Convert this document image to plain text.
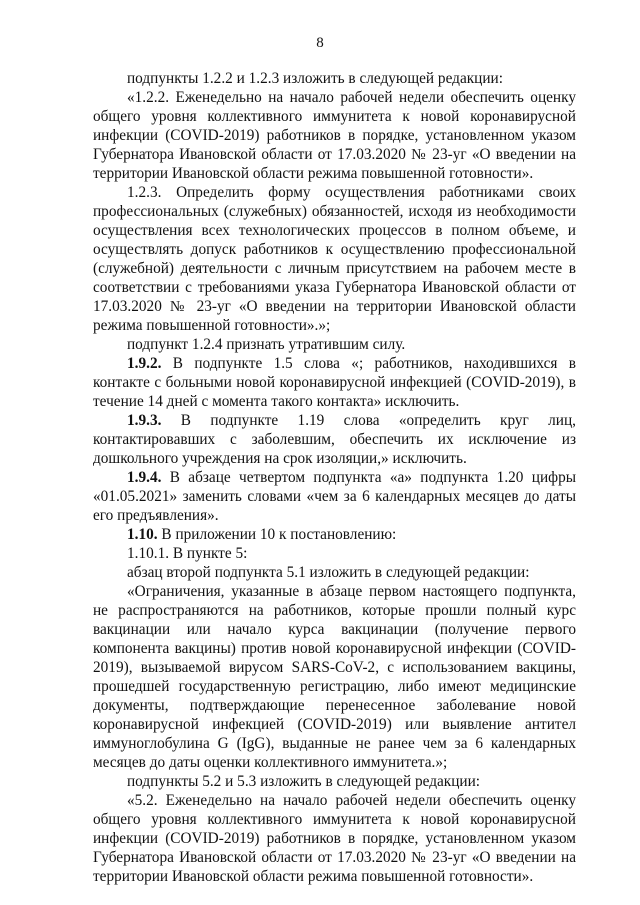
8

подпункты 1.2.2 и 1.2.3 изложить в следующей редакции:

«1.2.2. Еженедельно на начало рабочей недели обеспечить оценку общего уровня коллективного иммунитета к новой коронавирусной инфекции (COVID-2019) работников в порядке, установленном указом Губернатора Ивановской области от 17.03.2020 № 23-уг «О введении на территории Ивановской области режима повышенной готовности».

1.2.3. Определить форму осуществления работниками своих профессиональных (служебных) обязанностей, исходя из необходимости осуществления всех технологических процессов в полном объеме, и осуществлять допуск работников к осуществлению профессиональной (служебной) деятельности с личным присутствием на рабочем месте в соответствии с требованиями указа Губернатора Ивановской области от 17.03.2020 № 23-уг «О введении на территории Ивановской области режима повышенной готовности».»;

подпункт 1.2.4 признать утратившим силу.

1.9.2. В подпункте 1.5 слова «; работников, находившихся в контакте с больными новой коронавирусной инфекцией (COVID-2019), в течение 14 дней с момента такого контакта» исключить.

1.9.3. В подпункте 1.19 слова «определить круг лиц, контактировавших с заболевшим, обеспечить их исключение из дошкольного учреждения на срок изоляции,» исключить.

1.9.4. В абзаце четвертом подпункта «а» подпункта 1.20 цифры «01.05.2021» заменить словами «чем за 6 календарных месяцев до даты его предъявления».

1.10. В приложении 10 к постановлению:

1.10.1. В пункте 5:

абзац второй подпункта 5.1 изложить в следующей редакции:

«Ограничения, указанные в абзаце первом настоящего подпункта, не распространяются на работников, которые прошли полный курс вакцинации или начало курса вакцинации (получение первого компонента вакцины) против новой коронавирусной инфекции (COVID-2019), вызываемой вирусом SARS-CoV-2, с использованием вакцины, прошедшей государственную регистрацию, либо имеют медицинские документы, подтверждающие перенесенное заболевание новой коронавирусной инфекцией (COVID-2019) или выявление антител иммуноглобулина G (IgG), выданные не ранее чем за 6 календарных месяцев до даты оценки коллективного иммунитета.»;

подпункты 5.2 и 5.3 изложить в следующей редакции:

«5.2. Еженедельно на начало рабочей недели обеспечить оценку общего уровня коллективного иммунитета к новой коронавирусной инфекции (COVID-2019) работников в порядке, установленном указом Губернатора Ивановской области от 17.03.2020 № 23-уг «О введении на территории Ивановской области режима повышенной готовности».
